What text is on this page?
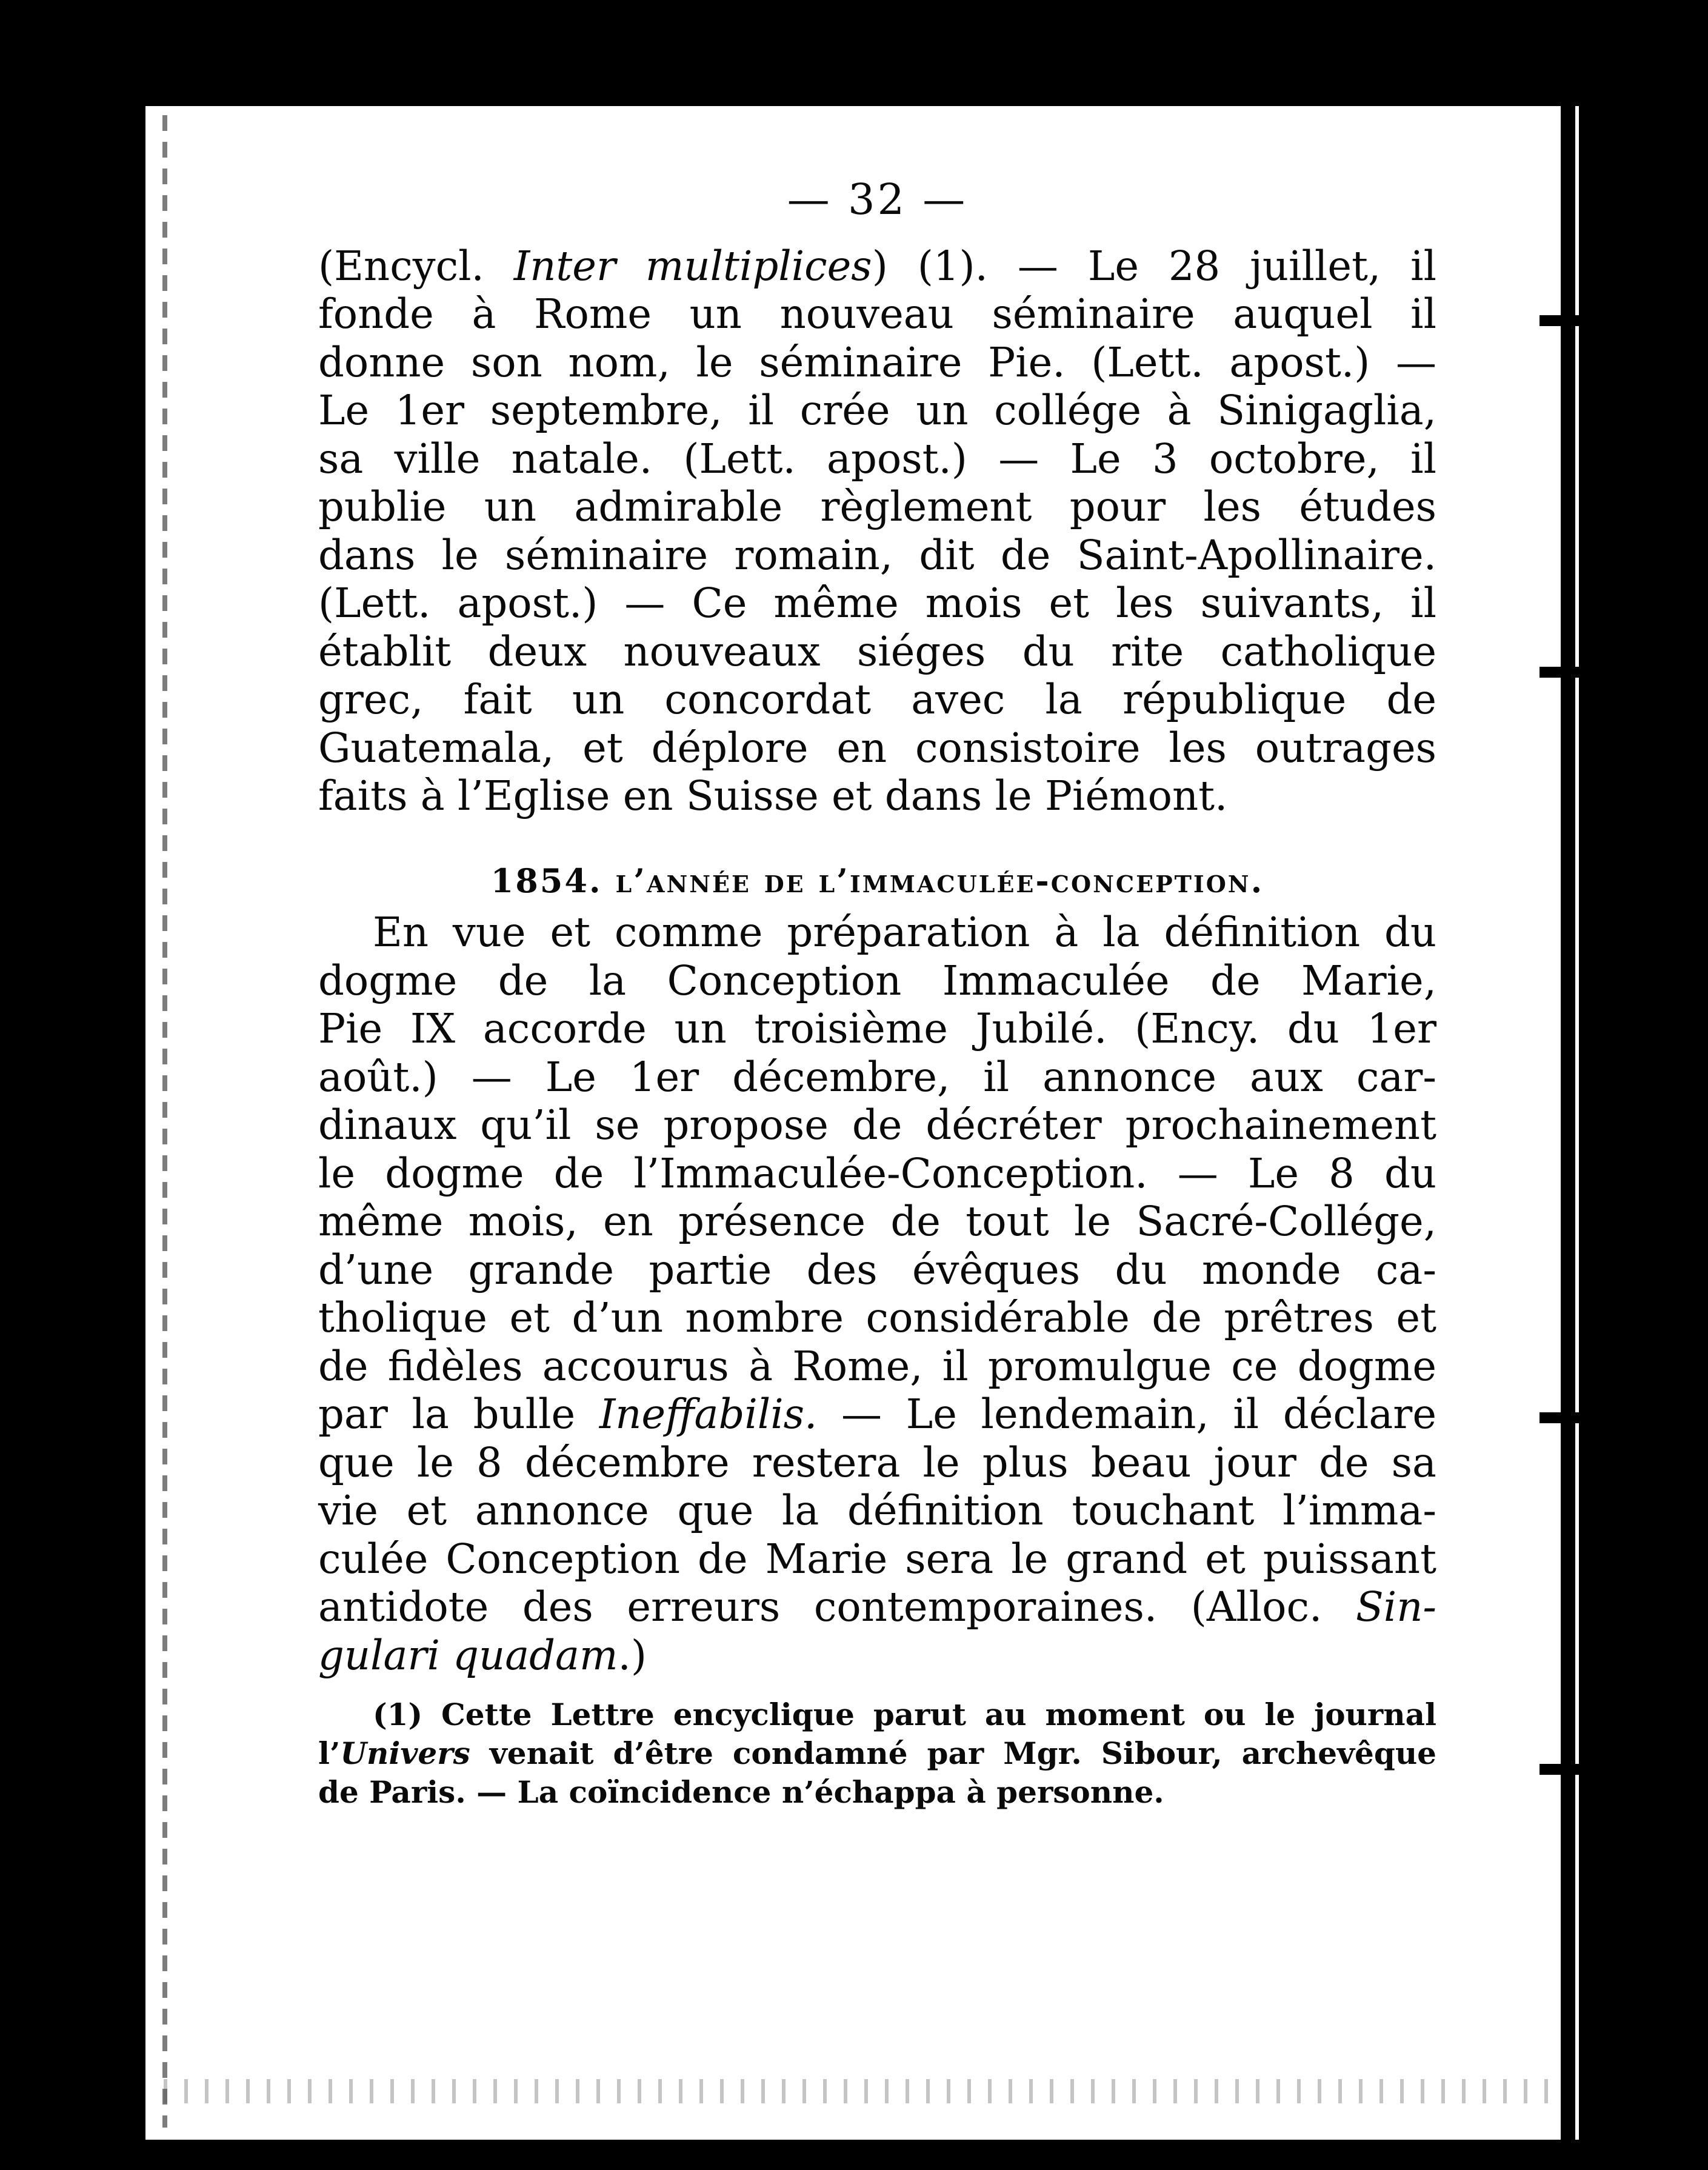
— 32 —
(Encycl. Inter multiplices) (1). — Le 28 juillet, il
fonde à Rome un nouveau séminaire auquel il
donne son nom, le séminaire Pie. (Lett. apost.) —
Le 1er septembre, il crée un collége à Sinigaglia,
sa ville natale. (Lett. apost.) — Le 3 octobre, il
publie un admirable règlement pour les études
dans le séminaire romain, dit de Saint-Apollinaire.
(Lett. apost.) — Ce même mois et les suivants, il
établit deux nouveaux siéges du rite catholique
grec, fait un concordat avec la république de
Guatemala, et déplore en consistoire les outrages
faits à l’Eglise en Suisse et dans le Piémont.
1854. l’année de l’immaculée-conception.
En vue et comme préparation à la définition du
dogme de la Conception Immaculée de Marie,
Pie IX accorde un troisième Jubilé. (Ency. du 1er
août.) — Le 1er décembre, il annonce aux car-
dinaux qu’il se propose de décréter prochainement
le dogme de l’Immaculée-Conception. — Le 8 du
même mois, en présence de tout le Sacré-Collége,
d’une grande partie des évêques du monde ca-
tholique et d’un nombre considérable de prêtres et
de fidèles accourus à Rome, il promulgue ce dogme
par la bulle Ineffabilis. — Le lendemain, il déclare
que le 8 décembre restera le plus beau jour de sa
vie et annonce que la définition touchant l’imma-
culée Conception de Marie sera le grand et puissant
antidote des erreurs contemporaines. (Alloc. Sin-
gulari quadam.)
(1) Cette Lettre encyclique parut au moment ou le journal
l’Univers venait d’être condamné par Mgr. Sibour, archevêque
de Paris. — La coïncidence n’échappa à personne.
